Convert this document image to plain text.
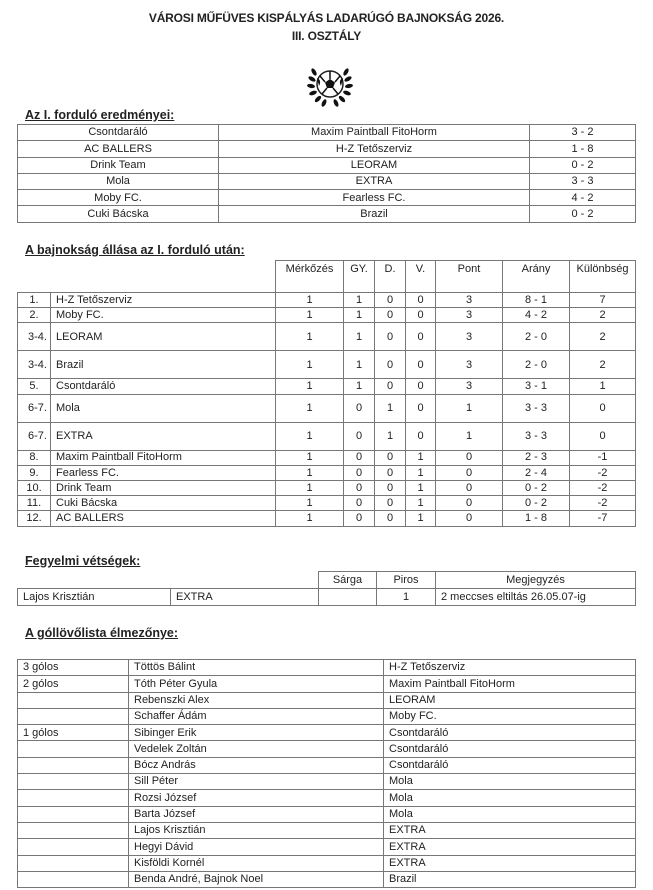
VÁROSI MŰFÜVES KISPÁLYÁS LADARÚGÓ BAJNOKSÁG 2026.
III. OSZTÁLY
Az I. forduló eredményei:
Csontdaráló	Maxim Paintball FitoHorm	3 - 2
AC BALLERS	H-Z Tetőszerviz	1 - 8
Drink Team	LEORAM	0 - 2
Mola	EXTRA	3 - 3
Moby FC.	Fearless FC.	4 - 2
Cuki Bácska	Brazil	0 - 2
A bajnokság állása az I. forduló után:
		Mérkőzés	GY.	D.	V.	Pont	Arány	Különbség
1.	H-Z Tetőszerviz	1	1	0	0	3	8 - 1	7
2.	Moby FC.	1	1	0	0	3	4 - 2	2
3-4.	LEORAM	1	1	0	0	3	2 - 0	2
3-4.	Brazil	1	1	0	0	3	2 - 0	2
5.	Csontdaráló	1	1	0	0	3	3 - 1	1
6-7.	Mola	1	0	1	0	1	3 - 3	0
6-7.	EXTRA	1	0	1	0	1	3 - 3	0
8.	Maxim Paintball FitoHorm	1	0	0	1	0	2 - 3	-1
9.	Fearless FC.	1	0	0	1	0	2 - 4	-2
10.	Drink Team	1	0	0	1	0	0 - 2	-2
11.	Cuki Bácska	1	0	0	1	0	0 - 2	-2
12.	AC BALLERS	1	0	0	1	0	1 - 8	-7
Fegyelmi vétségek:
		Sárga	Piros	Megjegyzés
Lajos Krisztián	EXTRA		1	2 meccses eltiltás 26.05.07-ig
A góllövőlista élmezőnye:
3 gólos	Töttös Bálint	H-Z Tetőszerviz
2 gólos	Tóth Péter Gyula	Maxim Paintball FitoHorm
	Rebenszki Alex	LEORAM
	Schaffer Ádám	Moby FC.
1 gólos	Sibinger Erik	Csontdaráló
	Vedelek Zoltán	Csontdaráló
	Bócz András	Csontdaráló
	Sill Péter	Mola
	Rozsi József	Mola
	Barta József	Mola
	Lajos Krisztián	EXTRA
	Hegyi Dávid	EXTRA
	Kisföldi Kornél	EXTRA
	Benda André, Bajnok Noel	Brazil
